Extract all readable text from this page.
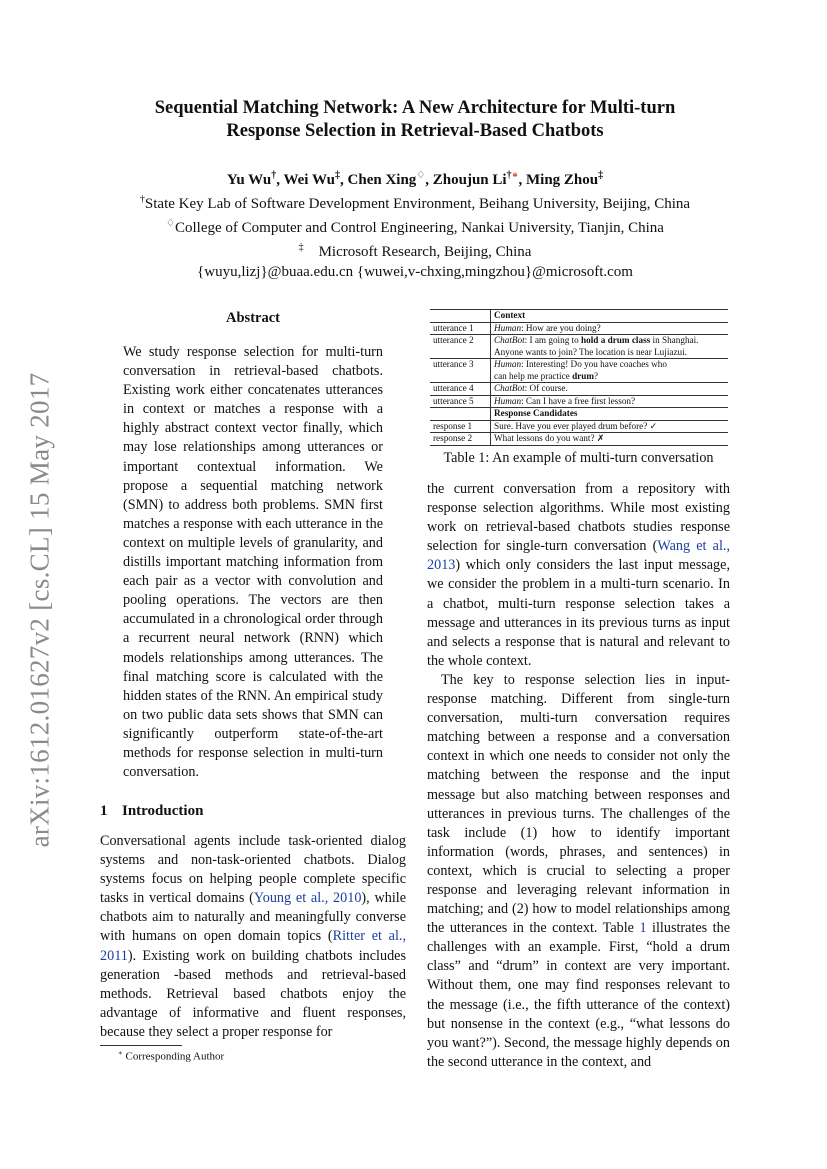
arXiv:1612.01627v2 [cs.CL] 15 May 2017
Sequential Matching Network: A New Architecture for Multi-turn
Response Selection in Retrieval-Based Chatbots
Yu Wu†, Wei Wu‡, Chen Xing♢, Zhoujun Li†∗, Ming Zhou‡
†State Key Lab of Software Development Environment, Beihang University, Beijing, China
♢College of Computer and Control Engineering, Nankai University, Tianjin, China
‡ Microsoft Research, Beijing, China
{wuyu,lizj}@buaa.edu.cn {wuwei,v-chxing,mingzhou}@microsoft.com
Abstract
We study response selection for multi-turn conversation in retrieval-based chatbots. Existing work either concatenates utterances in context or matches a response with a highly abstract context vector finally, which may lose relationships among utterances or important contextual information. We propose a sequential matching network (SMN) to address both problems. SMN first matches a response with each utterance in the context on multiple levels of granularity, and distills important matching information from each pair as a vector with convolution and pooling operations. The vectors are then accumulated in a chronological order through a recurrent neural network (RNN) which models relationships among utterances. The final matching score is calculated with the hidden states of the RNN. An empirical study on two public data sets shows that SMN can significantly outperform state-of-the-art methods for response selection in multi-turn conversation.
1 Introduction

Conversational agents include task-oriented dialog systems and non-task-oriented chatbots. Dialog systems focus on helping people complete specific tasks in vertical domains (Young et al., 2010), while chatbots aim to naturally and meaningfully converse with humans on open domain topics (Ritter et al., 2011). Existing work on building chatbots includes generation -based methods and retrieval-based methods. Retrieval based chatbots enjoy the advantage of informative and fluent responses, because they select a proper response for

∗ Corresponding Author
	Context
utterance 1	Human: How are you doing?
utterance 2	ChatBot: I am going to hold a drum class in Shanghai.
Anyone wants to join? The location is near Lujiazui.
utterance 3	Human: Interesting! Do you have coaches who
can help me practice drum?
utterance 4	ChatBot: Of course.
utterance 5	Human: Can I have a free first lesson?
	Response Candidates
response 1	Sure. Have you ever played drum before? ✓
response 2	What lessons do you want? ✗
Table 1: An example of multi-turn conversation

the current conversation from a repository with response selection algorithms. While most existing work on retrieval-based chatbots studies response selection for single-turn conversation (Wang et al., 2013) which only considers the last input message, we consider the problem in a multi-turn scenario. In a chatbot, multi-turn response selection takes a message and utterances in its previous turns as input and selects a response that is natural and relevant to the whole context.

The key to response selection lies in input-response matching. Different from single-turn conversation, multi-turn conversation requires matching between a response and a conversation context in which one needs to consider not only the matching between the response and the input message but also matching between responses and utterances in previous turns. The challenges of the task include (1) how to identify important information (words, phrases, and sentences) in context, which is crucial to selecting a proper response and leveraging relevant information in matching; and (2) how to model relationships among the utterances in the context. Table 1 illustrates the challenges with an example. First, “hold a drum class” and “drum” in context are very important. Without them, one may find responses relevant to the message (i.e., the fifth utterance of the context) but nonsense in the context (e.g., “what lessons do you want?”). Second, the message highly depends on the second utterance in the context, and
